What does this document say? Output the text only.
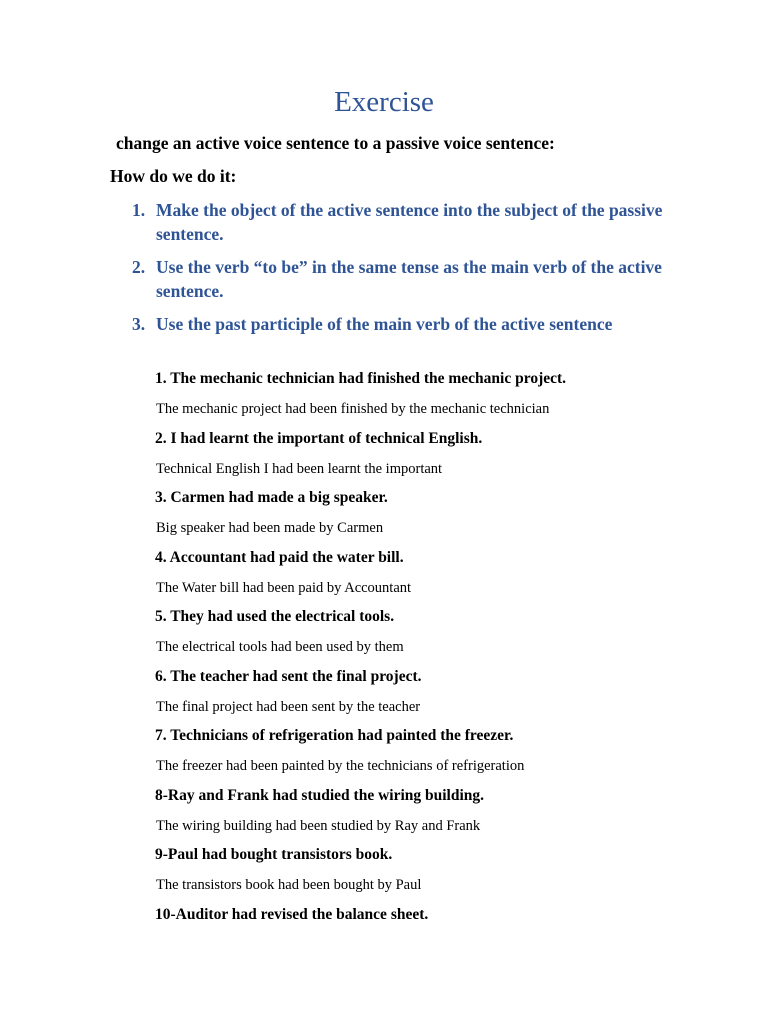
Exercise

change an active voice sentence to a passive voice sentence:

How do we do it:

1. Make the object of the active sentence into the subject of the passive sentence.
2. Use the verb “to be” in the same tense as the main verb of the active sentence.
3. Use the past participle of the main verb of the active sentence
1. The mechanic technician had finished the mechanic project.
The mechanic project had been finished by the mechanic technician
2. I had learnt the important of technical English.
Technical English I had been learnt the important
3. Carmen had made a big speaker.
Big speaker had been made by Carmen
4. Accountant had paid the water bill.
The Water bill had been paid by Accountant
5. They had used the electrical tools.
The electrical tools had been used by them
6. The teacher had sent the final project.
The final project had been sent by the teacher
7. Technicians of refrigeration had painted the freezer.
The freezer had been painted by the technicians of refrigeration
8-Ray and Frank had studied the wiring building.
The wiring building had been studied by Ray and Frank
9-Paul had bought transistors book.
The transistors book had been bought by Paul
10-Auditor had revised the balance sheet.
